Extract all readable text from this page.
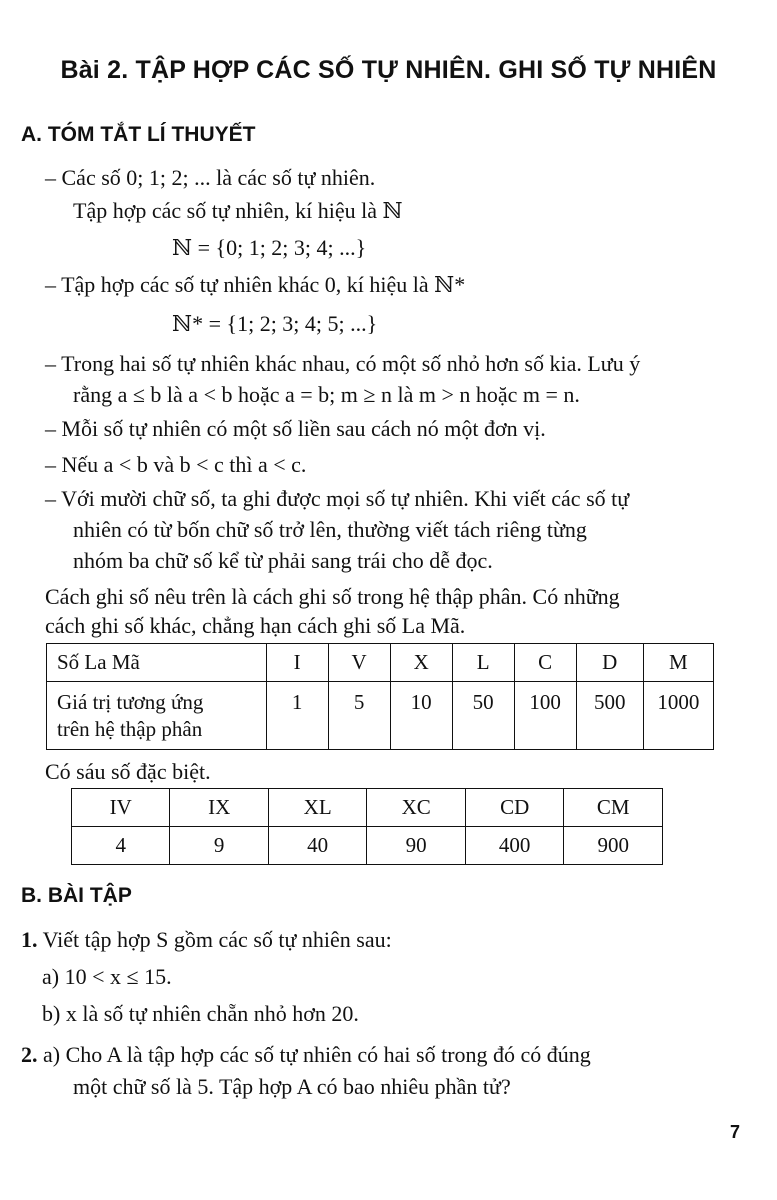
Bài 2. TẬP HỢP CÁC SỐ TỰ NHIÊN. GHI SỐ TỰ NHIÊN
A. TÓM TẮT LÍ THUYẾT
– Các số 0; 1; 2; ... là các số tự nhiên.
Tập hợp các số tự nhiên, kí hiệu là ℕ
ℕ = {0; 1; 2; 3; 4; ...}
– Tập hợp các số tự nhiên khác 0, kí hiệu là ℕ*
ℕ* = {1; 2; 3; 4; 5; ...}
– Trong hai số tự nhiên khác nhau, có một số nhỏ hơn số kia. Lưu ý
rằng a ≤ b là a < b hoặc a = b; m ≥ n là m > n hoặc m = n.
– Mỗi số tự nhiên có một số liền sau cách nó một đơn vị.
– Nếu a < b và b < c thì a < c.
– Với mười chữ số, ta ghi được mọi số tự nhiên. Khi viết các số tự
nhiên có từ bốn chữ số trở lên, thường viết tách riêng từng
nhóm ba chữ số kể từ phải sang trái cho dễ đọc.
Cách ghi số nêu trên là cách ghi số trong hệ thập phân. Có những
cách ghi số khác, chẳng hạn cách ghi số La Mã.
Số La Mã	I	V	X	L	C	D	M

Giá trị tương ứng
trên hệ thập phân	1	5	10	50	100	500	1000
Có sáu số đặc biệt.
IV	IX	XL	XC	CD	CM
4	9	40	90	400	900
B. BÀI TẬP
1. Viết tập hợp S gồm các số tự nhiên sau:
a) 10 < x ≤ 15.
b) x là số tự nhiên chẵn nhỏ hơn 20.
2. a) Cho A là tập hợp các số tự nhiên có hai số trong đó có đúng
một chữ số là 5. Tập hợp A có bao nhiêu phần tử?
7
